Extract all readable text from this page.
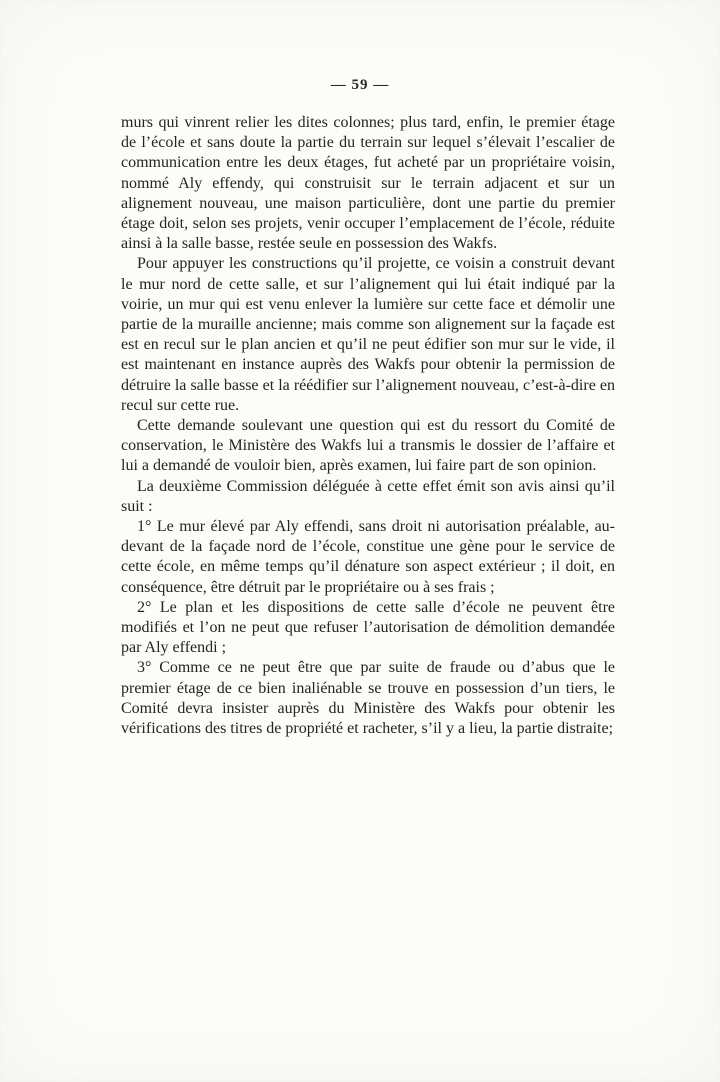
— 59 —

murs qui vinrent relier les dites colonnes; plus tard, enfin, le premier étage de l’école et sans doute la partie du terrain sur lequel s’élevait l’escalier de communication entre les deux étages, fut acheté par un propriétaire voisin, nommé Aly effendy, qui construisit sur le terrain adjacent et sur un alignement nouveau, une maison particulière, dont une partie du premier étage doit, selon ses projets, venir occuper l’emplacement de l’école, réduite ainsi à la salle basse, restée seule en possession des Wakfs.

Pour appuyer les constructions qu’il projette, ce voisin a construit devant le mur nord de cette salle, et sur l’alignement qui lui était indiqué par la voirie, un mur qui est venu enlever la lumière sur cette face et démolir une partie de la muraille ancienne; mais comme son alignement sur la façade est est en recul sur le plan ancien et qu’il ne peut édifier son mur sur le vide, il est maintenant en instance auprès des Wakfs pour obtenir la permission de détruire la salle basse et la réédifier sur l’alignement nouveau, c’est-à-dire en recul sur cette rue.

Cette demande soulevant une question qui est du ressort du Comité de conservation, le Ministère des Wakfs lui a transmis le dossier de l’affaire et lui a demandé de vouloir bien, après examen, lui faire part de son opinion.

La deuxième Commission déléguée à cette effet émit son avis ainsi qu’il suit :

1° Le mur élevé par Aly effendi, sans droit ni autorisation préalable, au-devant de la façade nord de l’école, constitue une gène pour le service de cette école, en même temps qu’il dénature son aspect extérieur ; il doit, en conséquence, être détruit par le propriétaire ou à ses frais ;

2° Le plan et les dispositions de cette salle d’école ne peuvent être modifiés et l’on ne peut que refuser l’autorisation de démolition demandée par Aly effendi ;

3° Comme ce ne peut être que par suite de fraude ou d’abus que le premier étage de ce bien inaliénable se trouve en possession d’un tiers, le Comité devra insister auprès du Ministère des Wakfs pour obtenir les vérifications des titres de propriété et racheter, s’il y a lieu, la partie distraite;
